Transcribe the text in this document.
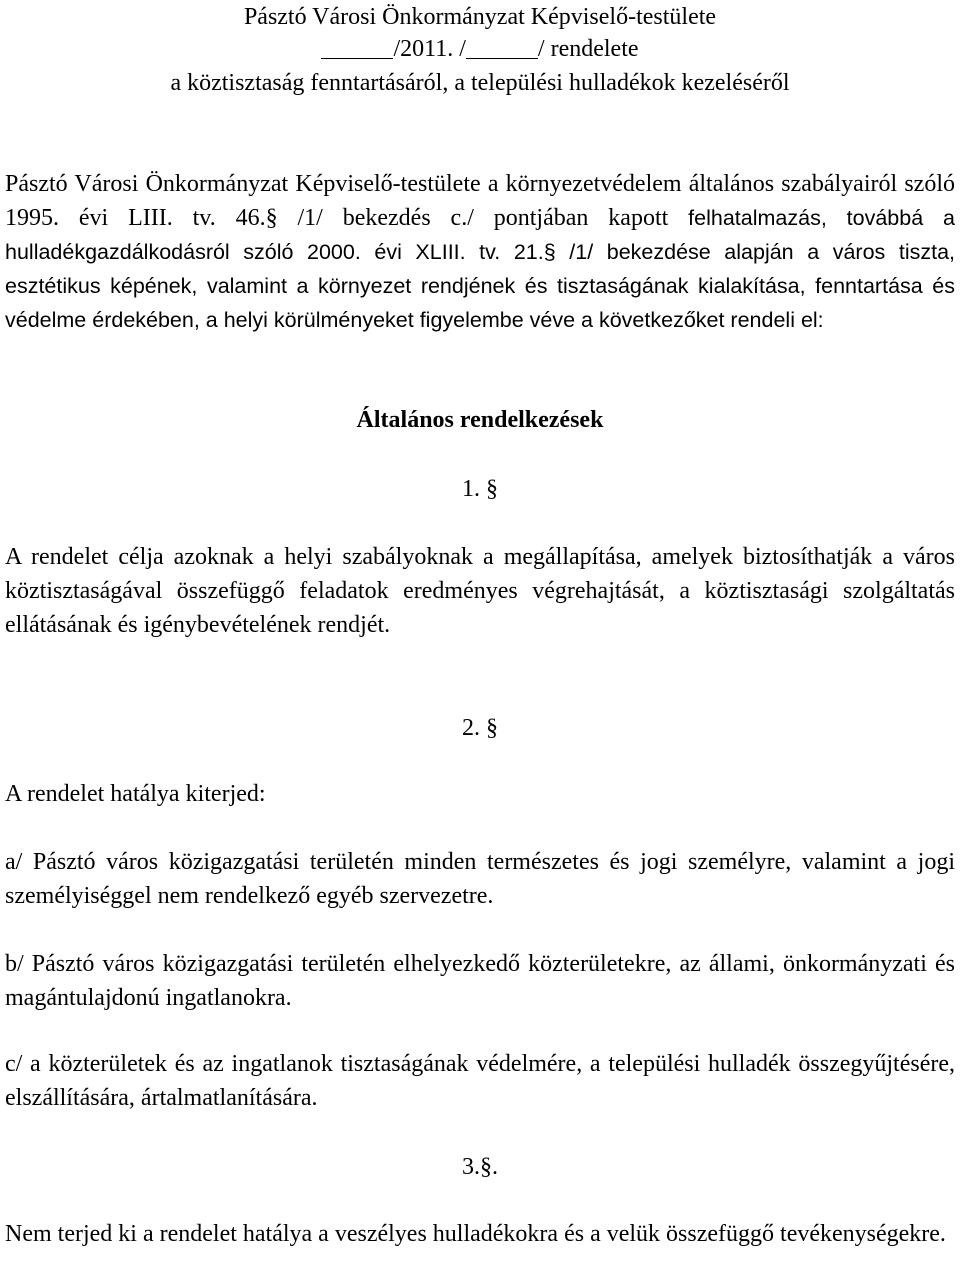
Pásztó Városi Önkormányzat Képviselő-testülete
/2011. /	/ rendelete
a köztisztaság fenntartásáról, a települési hulladékok kezeléséről
Pásztó Városi Önkormányzat Képviselő-testülete a környezetvédelem általános szabályairól szóló 1995. évi LIII. tv. 46.§ /1/ bekezdés c./ pontjában kapott felhatalmazás, továbbá a hulladékgazdálkodásról szóló 2000. évi XLIII. tv. 21.§ /1/ bekezdése alapján a város tiszta, esztétikus képének, valamint a környezet rendjének és tisztaságának kialakítása, fenntartása és védelme érdekében, a helyi körülményeket figyelembe véve a következőket rendeli el:
Általános rendelkezések
1. §
A rendelet célja azoknak a helyi szabályoknak a megállapítása, amelyek biztosíthatják a város köztisztaságával összefüggő feladatok eredményes végrehajtását, a köztisztasági szolgáltatás ellátásának és igénybevételének rendjét.
2. §
A rendelet hatálya kiterjed:
a/ Pásztó város közigazgatási területén minden természetes és jogi személyre, valamint a jogi személyiséggel nem rendelkező egyéb szervezetre.
b/ Pásztó város közigazgatási területén elhelyezkedő közterületekre, az állami, önkormányzati és magántulajdonú ingatlanokra.
c/ a közterületek és az ingatlanok tisztaságának védelmére, a települési hulladék összegyűjtésére, elszállítására, ártalmatlanítására.
3.§.
Nem terjed ki a rendelet hatálya a veszélyes hulladékokra és a velük összefüggő tevékenységekre.
